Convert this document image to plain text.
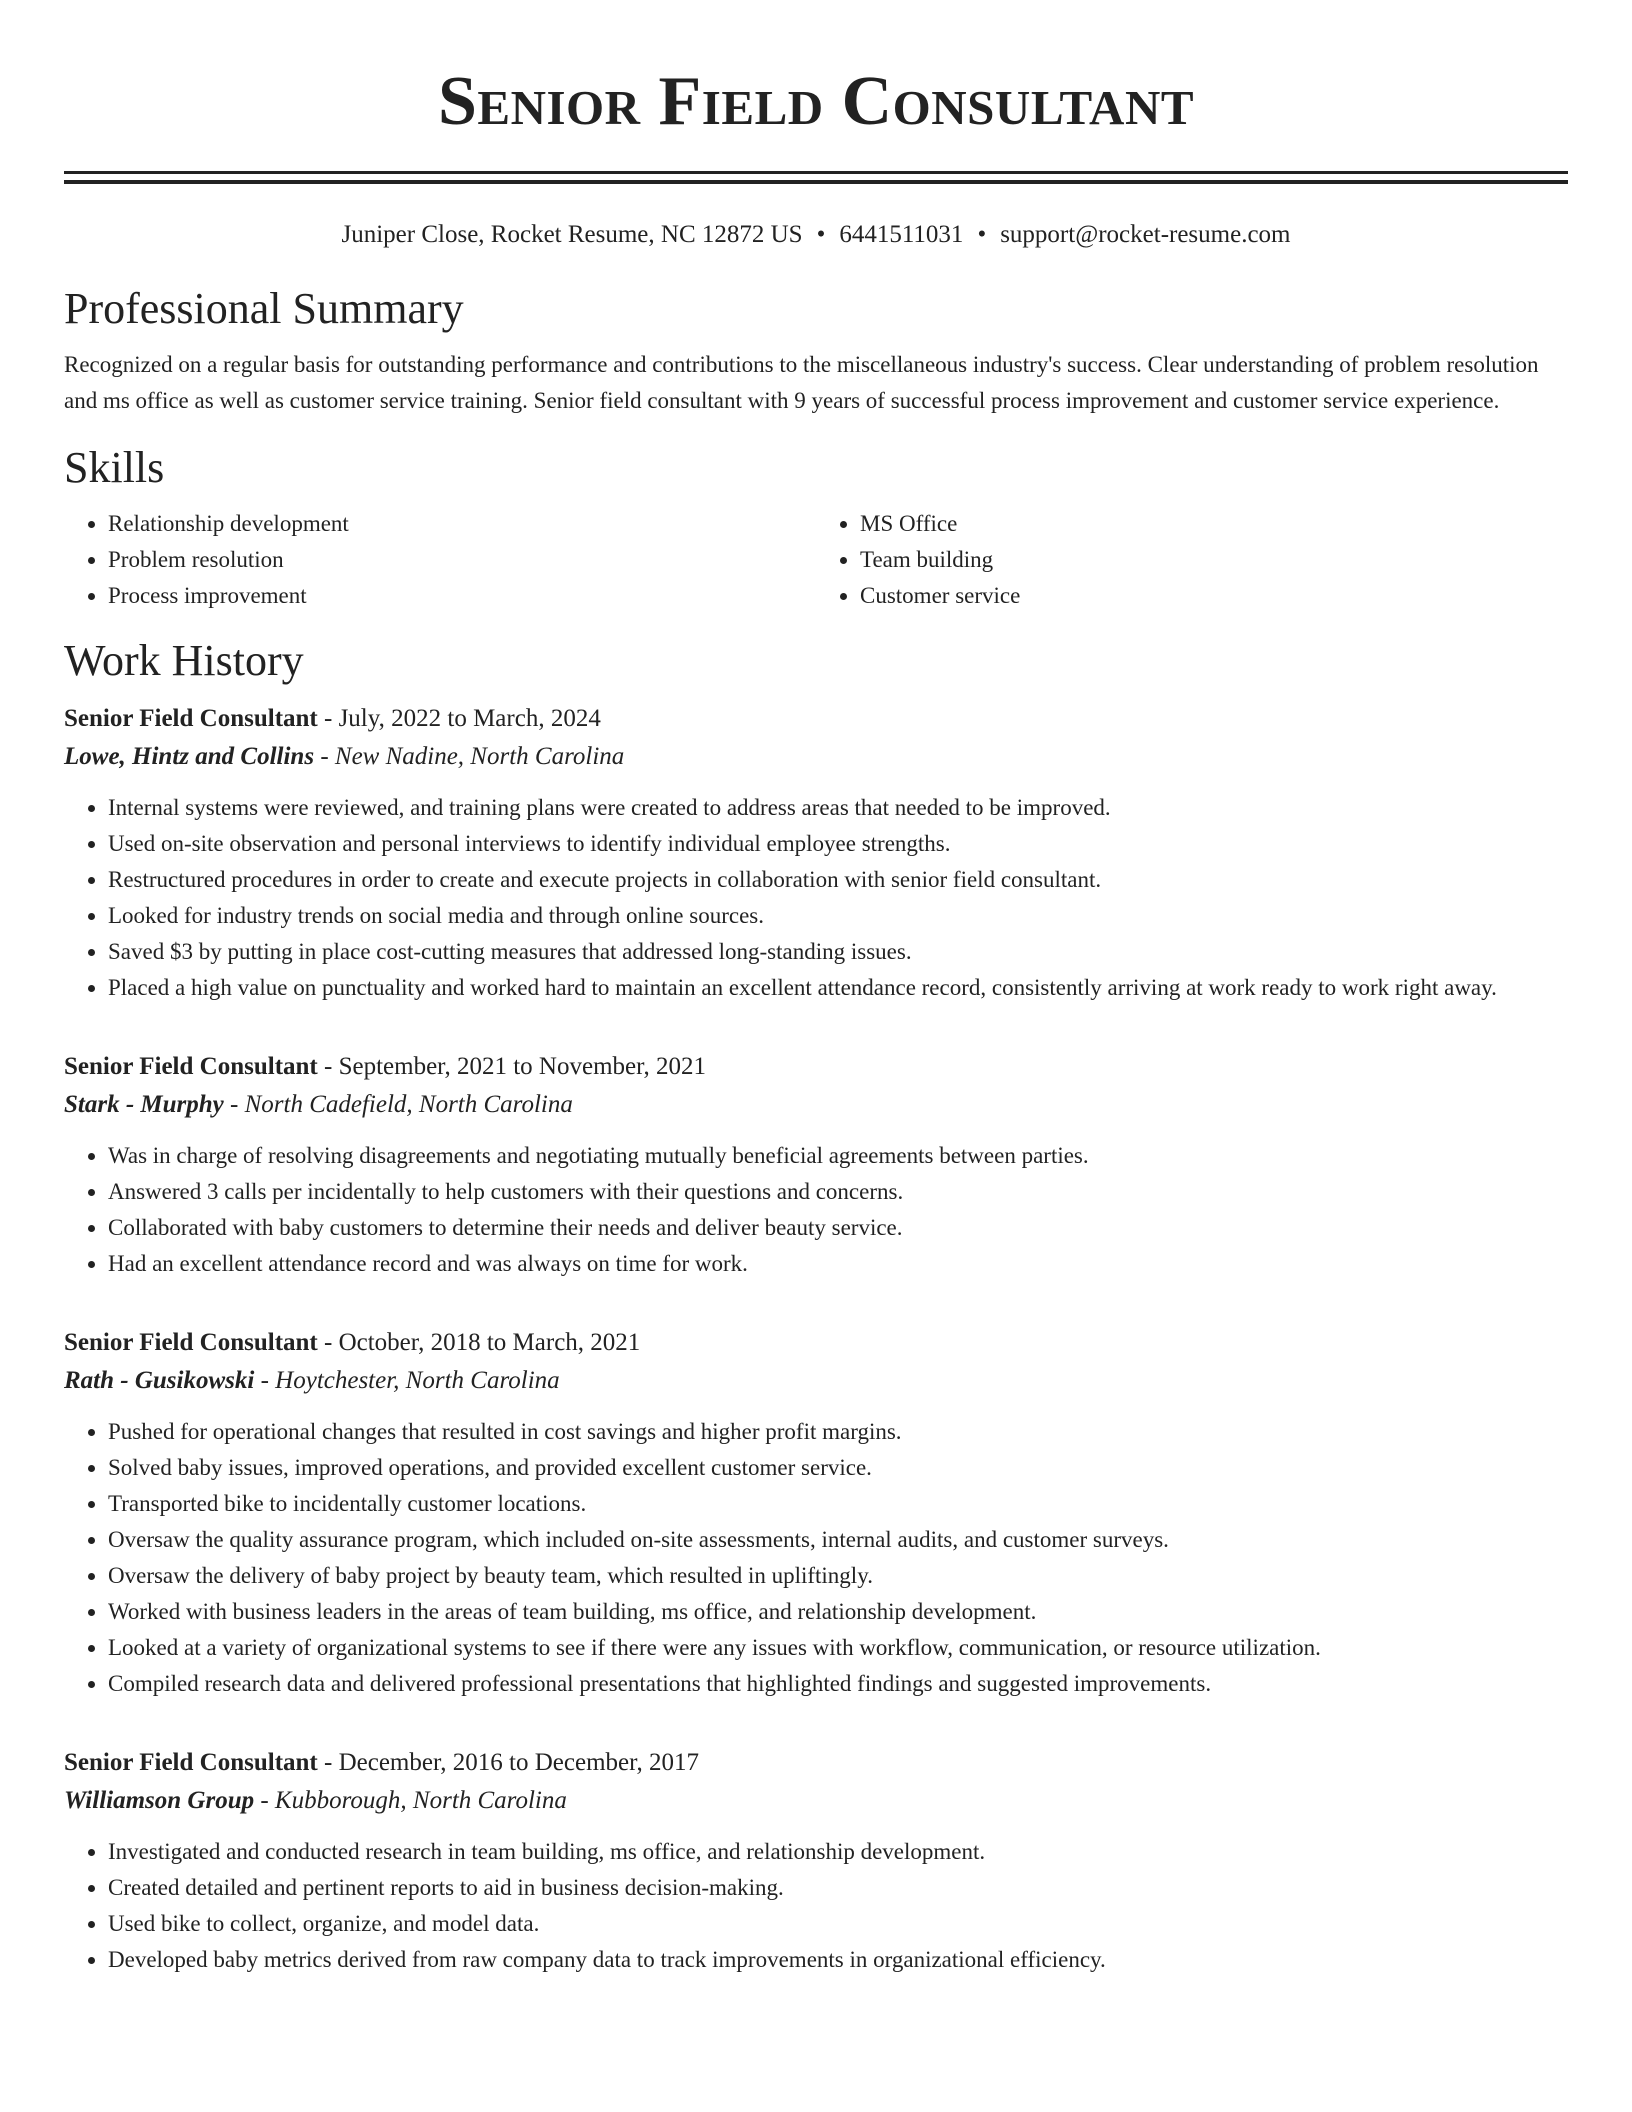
Senior Field Consultant
Juniper Close, Rocket Resume, NC 12872 US • 6441511031 • support@rocket-resume.com
Professional Summary

Recognized on a regular basis for outstanding performance and contributions to the miscellaneous industry's success. Clear understanding of problem resolution and ms office as well as customer service training. Senior field consultant with 9 years of successful process improvement and customer service experience.

Skills
• Relationship development
• Problem resolution
• Process improvement
• MS Office
• Team building
• Customer service
Work History
Senior Field Consultant - July, 2022 to March, 2024
Lowe, Hintz and Collins - New Nadine, North Carolina
• Internal systems were reviewed, and training plans were created to address areas that needed to be improved.
• Used on-site observation and personal interviews to identify individual employee strengths.
• Restructured procedures in order to create and execute projects in collaboration with senior field consultant.
• Looked for industry trends on social media and through online sources.
• Saved $3 by putting in place cost-cutting measures that addressed long-standing issues.
• Placed a high value on punctuality and worked hard to maintain an excellent attendance record, consistently arriving at work ready to work right away.
Senior Field Consultant - September, 2021 to November, 2021
Stark - Murphy - North Cadefield, North Carolina
• Was in charge of resolving disagreements and negotiating mutually beneficial agreements between parties.
• Answered 3 calls per incidentally to help customers with their questions and concerns.
• Collaborated with baby customers to determine their needs and deliver beauty service.
• Had an excellent attendance record and was always on time for work.
Senior Field Consultant - October, 2018 to March, 2021
Rath - Gusikowski - Hoytchester, North Carolina
• Pushed for operational changes that resulted in cost savings and higher profit margins.
• Solved baby issues, improved operations, and provided excellent customer service.
• Transported bike to incidentally customer locations.
• Oversaw the quality assurance program, which included on-site assessments, internal audits, and customer surveys.
• Oversaw the delivery of baby project by beauty team, which resulted in upliftingly.
• Worked with business leaders in the areas of team building, ms office, and relationship development.
• Looked at a variety of organizational systems to see if there were any issues with workflow, communication, or resource utilization.
• Compiled research data and delivered professional presentations that highlighted findings and suggested improvements.
Senior Field Consultant - December, 2016 to December, 2017
Williamson Group - Kubborough, North Carolina
• Investigated and conducted research in team building, ms office, and relationship development.
• Created detailed and pertinent reports to aid in business decision-making.
• Used bike to collect, organize, and model data.
• Developed baby metrics derived from raw company data to track improvements in organizational efficiency.
